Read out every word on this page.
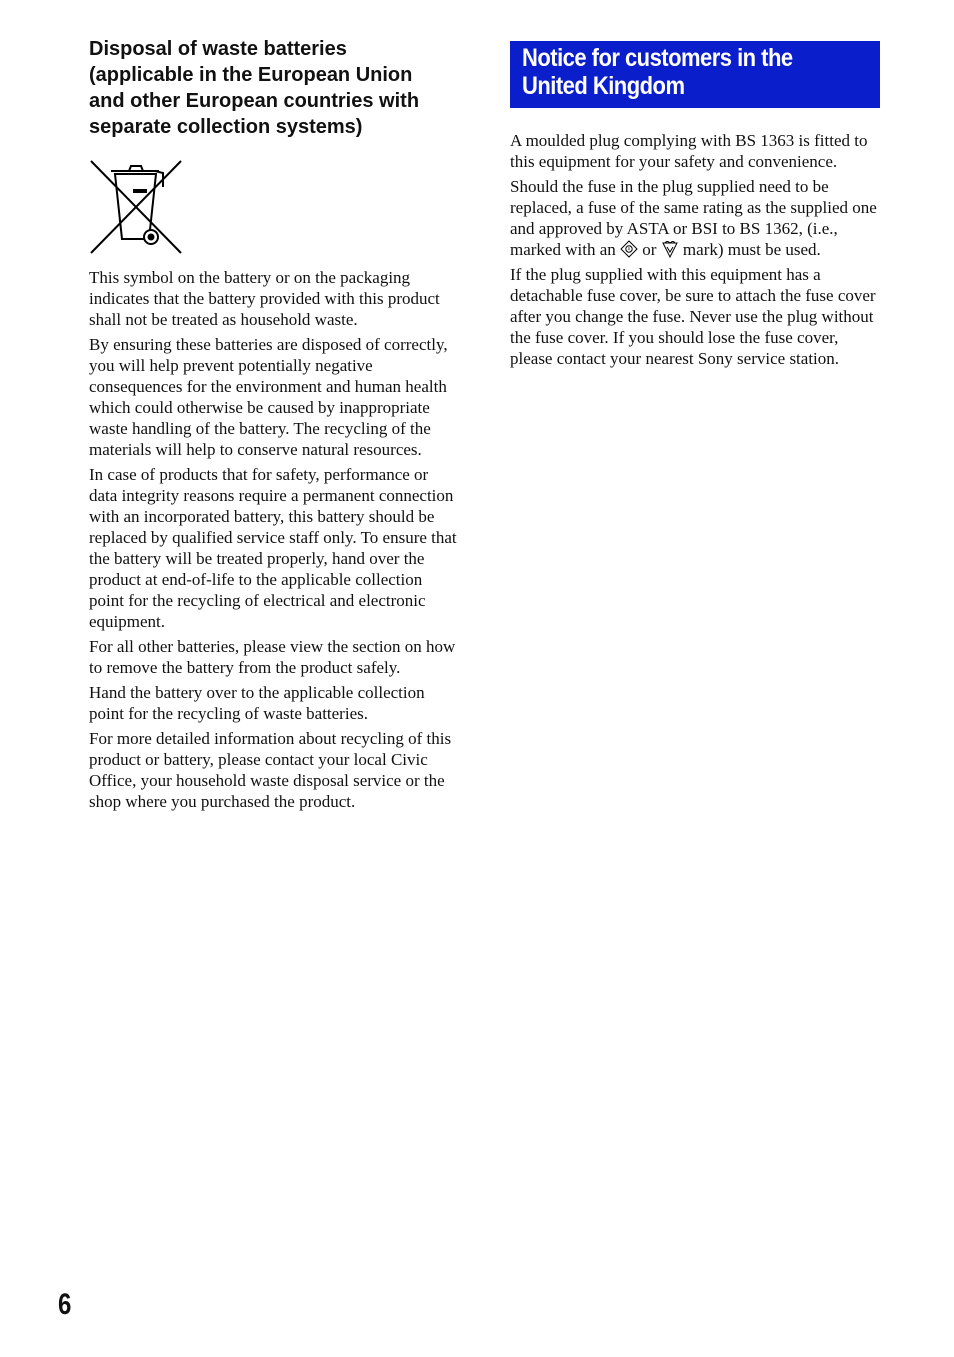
Disposal of waste batteries
(applicable in the European Union
and other European countries with
separate collection systems)

This symbol on the battery or on the packaging indicates that the battery provided with this product shall not be treated as household waste.

By ensuring these batteries are disposed of correctly, you will help prevent potentially negative consequences for the environment and human health which could otherwise be caused by inappropriate waste handling of the battery. The recycling of the materials will help to conserve natural resources.

In case of products that for safety, performance or data integrity reasons require a permanent connection with an incorporated battery, this battery should be replaced by qualified service staff only. To ensure that the battery will be treated properly, hand over the product at end-of-life to the applicable collection point for the recycling of electrical and electronic equipment.

For all other batteries, please view the section on how to remove the battery from the product safely.

Hand the battery over to the applicable collection point for the recycling of waste batteries.

For more detailed information about recycling of this product or battery, please contact your local Civic Office, your household waste disposal service or the shop where you purchased the product.

Notice for customers in the
United Kingdom

A moulded plug complying with BS 1363 is fitted to this equipment for your safety and convenience.

Should the fuse in the plug supplied need to be replaced, a fuse of the same rating as the supplied one and approved by ASTA or BSI to BS 1362, (i.e., marked with an A or  mark) must be used.

If the plug supplied with this equipment has a detachable fuse cover, be sure to attach the fuse cover after you change the fuse. Never use the plug without the fuse cover. If you should lose the fuse cover, please contact your nearest Sony service station.

6
